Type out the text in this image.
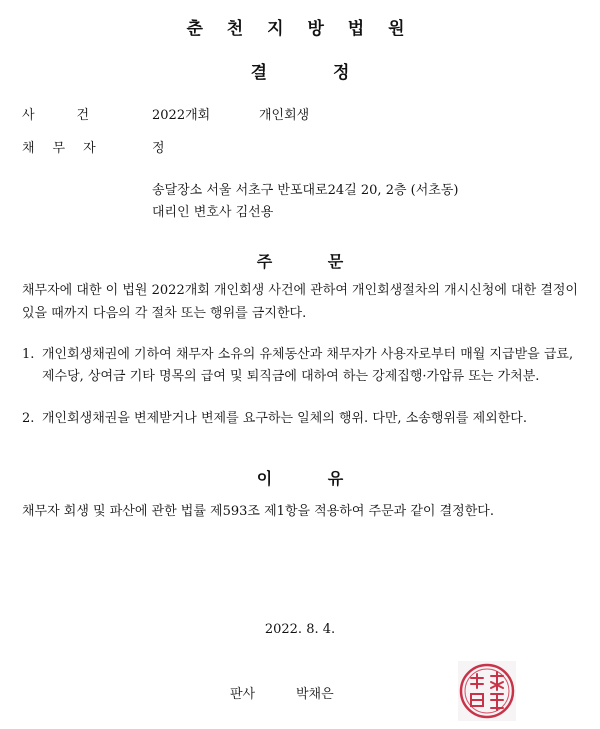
춘 천 지 방 법 원
결 정
사건 2022개회	개인회생
채무자	정
송달장소 서울 서초구 반포대로24길 20, 2층 (서초동)
대리인 변호사 김선용
주 문
채무자에 대한 이 법원 2022개회 개인회생 사건에 관하여 개인회생절차의 개시신청에 대한 결정이 있을 때까지 다음의 각 절차 또는 행위를 금지한다.
1. 개인회생채권에 기하여 채무자 소유의 유체동산과 채무자가 사용자로부터 매월 지급받을 급료, 제수당, 상여금 기타 명목의 급여 및 퇴직금에 대하여 하는 강제집행·가압류 또는 가처분.
2. 개인회생채권을 변제받거나 변제를 요구하는 일체의 행위. 다만, 소송행위를 제외한다.
이 유
채무자 회생 및 파산에 관한 법률 제593조 제1항을 적용하여 주문과 같이 결정한다.
2022. 8. 4.
판사	박채은
